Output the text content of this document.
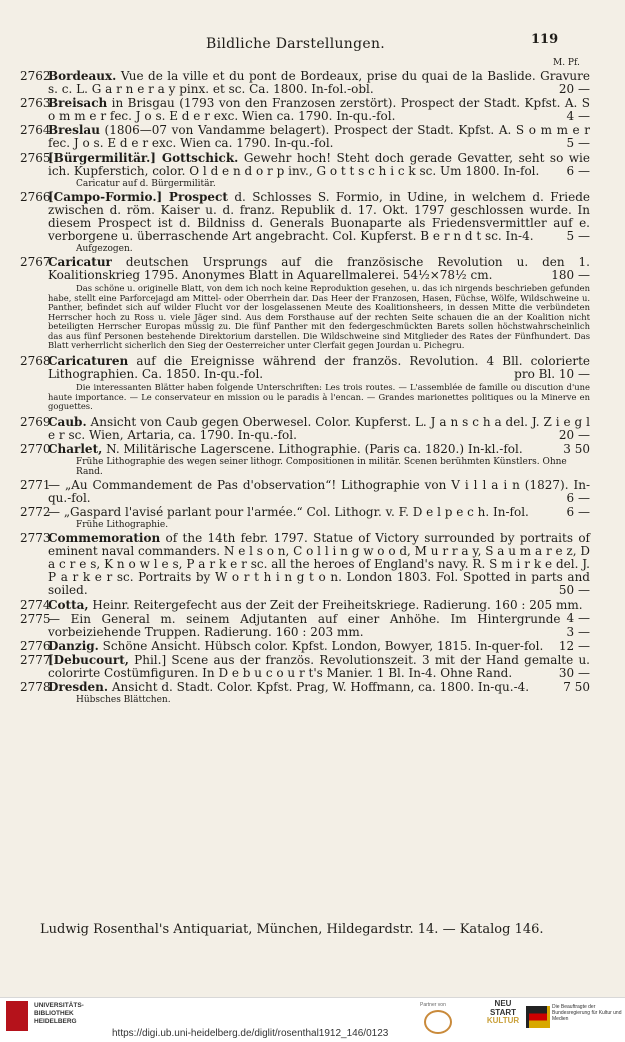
Bildliche Darstellungen.	119
M. Pf.
2762
Bordeaux. Vue de la ville et du pont de Bordeaux, prise du quai de la Baslide. Gravure s. c. L. G a r n e r a y pinx. et sc. Ca. 1800. In-fol.-obl.	20 —
2763
Breisach in Brisgau (1793 von den Franzosen zerstört). Prospect der Stadt. Kpfst. A. S o m m e r fec. J o s. E d e r exc. Wien ca. 1790. In-qu.-fol.	4 —
2764
Breslau (1806—07 von Vandamme belagert). Prospect der Stadt. Kpfst. A. S o m m e r fec. J o s. E d e r exc. Wien ca. 1790. In-qu.-fol.	5 —
2765
[Bürgermilitär.] Gottschick. Gewehr hoch! Steht doch gerade Gevatter, seht so wie ich. Kupferstich, color. O l d e n d o r p inv., G o t t s c h i c k sc. Um 1800. In-fol. 6 —
Caricatur auf d. Bürgermilitär.
2766
[Campo-Formio.] Prospect d. Schlosses S. Formio, in Udine, in welchem d. Friede zwischen d. röm. Kaiser u. d. franz. Republik d. 17. Okt. 1797 geschlossen wurde. In diesem Prospect ist d. Bildniss d. Generals Buonaparte als Friedensvermittler auf e. verborgene u. überraschende Art angebracht. Col. Kupferst. B e r n d t sc. In-4.	5 —
Aufgezogen.
2767
Caricatur deutschen Ursprungs auf die französische Revolution u. den 1. Koalitionskrieg 1795. Anonymes Blatt in Aquarellmalerei. 54½×78½ cm.	180 —
Das schöne u. originelle Blatt, von dem ich noch keine Reproduktion gesehen, u. das ich nirgends beschrieben gefunden habe, stellt eine Parforcejagd am Mittel- oder Oberrhein dar. Das Heer der Franzosen, Hasen, Füchse, Wölfe, Wildschweine u. Panther, befindet sich auf wilder Flucht vor der losgelassenen Meute des Koalitionsheers, in dessen Mitte die verbündeten Herrscher hoch zu Ross u. viele Jäger sind. Aus dem Forsthause auf der rechten Seite schauen die an der Koalition nicht beteiligten Herrscher Europas müssig zu. Die fünf Panther mit den federgeschmückten Barets sollen höchstwahrscheinlich das aus fünf Personen bestehende Direktorium darstellen. Die Wildschweine sind Mitglieder des Rates der Fünfhundert. Das Blatt verherrlicht sicherlich den Sieg der Oesterreicher unter Clerfait gegen Jourdan u. Pichegru.
2768
Caricaturen auf die Ereignisse während der französ. Revolution. 4 Bll. colorierte Lithographien. Ca. 1850. In-qu.-fol.	pro Bl. 10 —
Die interessanten Blätter haben folgende Unterschriften: Les trois routes. — L'assemblée de famille ou discution d'une haute importance. — Le conservateur en mission ou le paradis à l'encan. — Grandes marionettes politiques ou la Minerve en goguettes.
2769
Caub. Ansicht von Caub gegen Oberwesel. Color. Kupferst. L. J a n s c h a del. J. Z i e g l e r sc. Wien, Artaria, ca. 1790. In-qu.-fol.	20 —
2770
Charlet, N. Militärische Lagerscene. Lithographie. (Paris ca. 1820.) In-kl.-fol.	3 50
Frühe Lithographie des wegen seiner lithogr. Compositionen in militär. Scenen berühmten Künstlers. Ohne Rand.
2771
— „Au Commandement de Pas d'observation“! Lithographie von V i l l a i n (1827). In-qu.-fol.	6 —
2772
— „Gaspard l'avisé parlant pour l'armée.“ Col. Lithogr. v. F. D e l p e c h. In-fol.	6 —
Frühe Lithographie.
2773
Commemoration of the 14th febr. 1797. Statue of Victory surrounded by portraits of eminent naval commanders. N e l s o n, C o l l i n g w o o d, M u r r a y, S a u m a r e z, D a c r e s, K n o w l e s, P a r k e r sc. all the heroes of England's navy. R. S m i r k e del. J. P a r k e r sc. Portraits by W o r t h i n g t o n. London 1803. Fol. Spotted in parts and soiled.	50 —
2774
Cotta, Heinr. Reitergefecht aus der Zeit der Freiheitskriege. Radierung. 160 : 205 mm.
4 —
2775
— Ein General m. seinem Adjutanten auf einer Anhöhe. Im Hintergrunde vorbeiziehende Truppen. Radierung. 160 : 203 mm.	3 —
2776
Danzig. Schöne Ansicht. Hübsch color. Kpfst. London, Bowyer, 1815. In-quer-fol. 12 —
2777
[Debucourt, Phil.] Scene aus der französ. Revolutionszeit. 3 mit der Hand gemalte u. colorirte Costümfiguren. In D e b u c o u r t's Manier. 1 Bl. In-4. Ohne Rand.	30 —
2778
Dresden. Ansicht d. Stadt. Color. Kpfst. Prag, W. Hoffmann, ca. 1800. In-qu.-4.	7 50
Hübsches Blättchen.
Ludwig Rosenthal's Antiquariat, München, Hildegardstr. 14. — Katalog 146.
UNIVERSITÄTS-
BIBLIOTHEK
HEIDELBERG
https://digi.ub.uni-heidelberg.de/diglit/rosenthal1912_146/0123
Partner von	NEU
START
KULTUR
Die Beauftragte der Bundesregierung für Kultur und Medien
